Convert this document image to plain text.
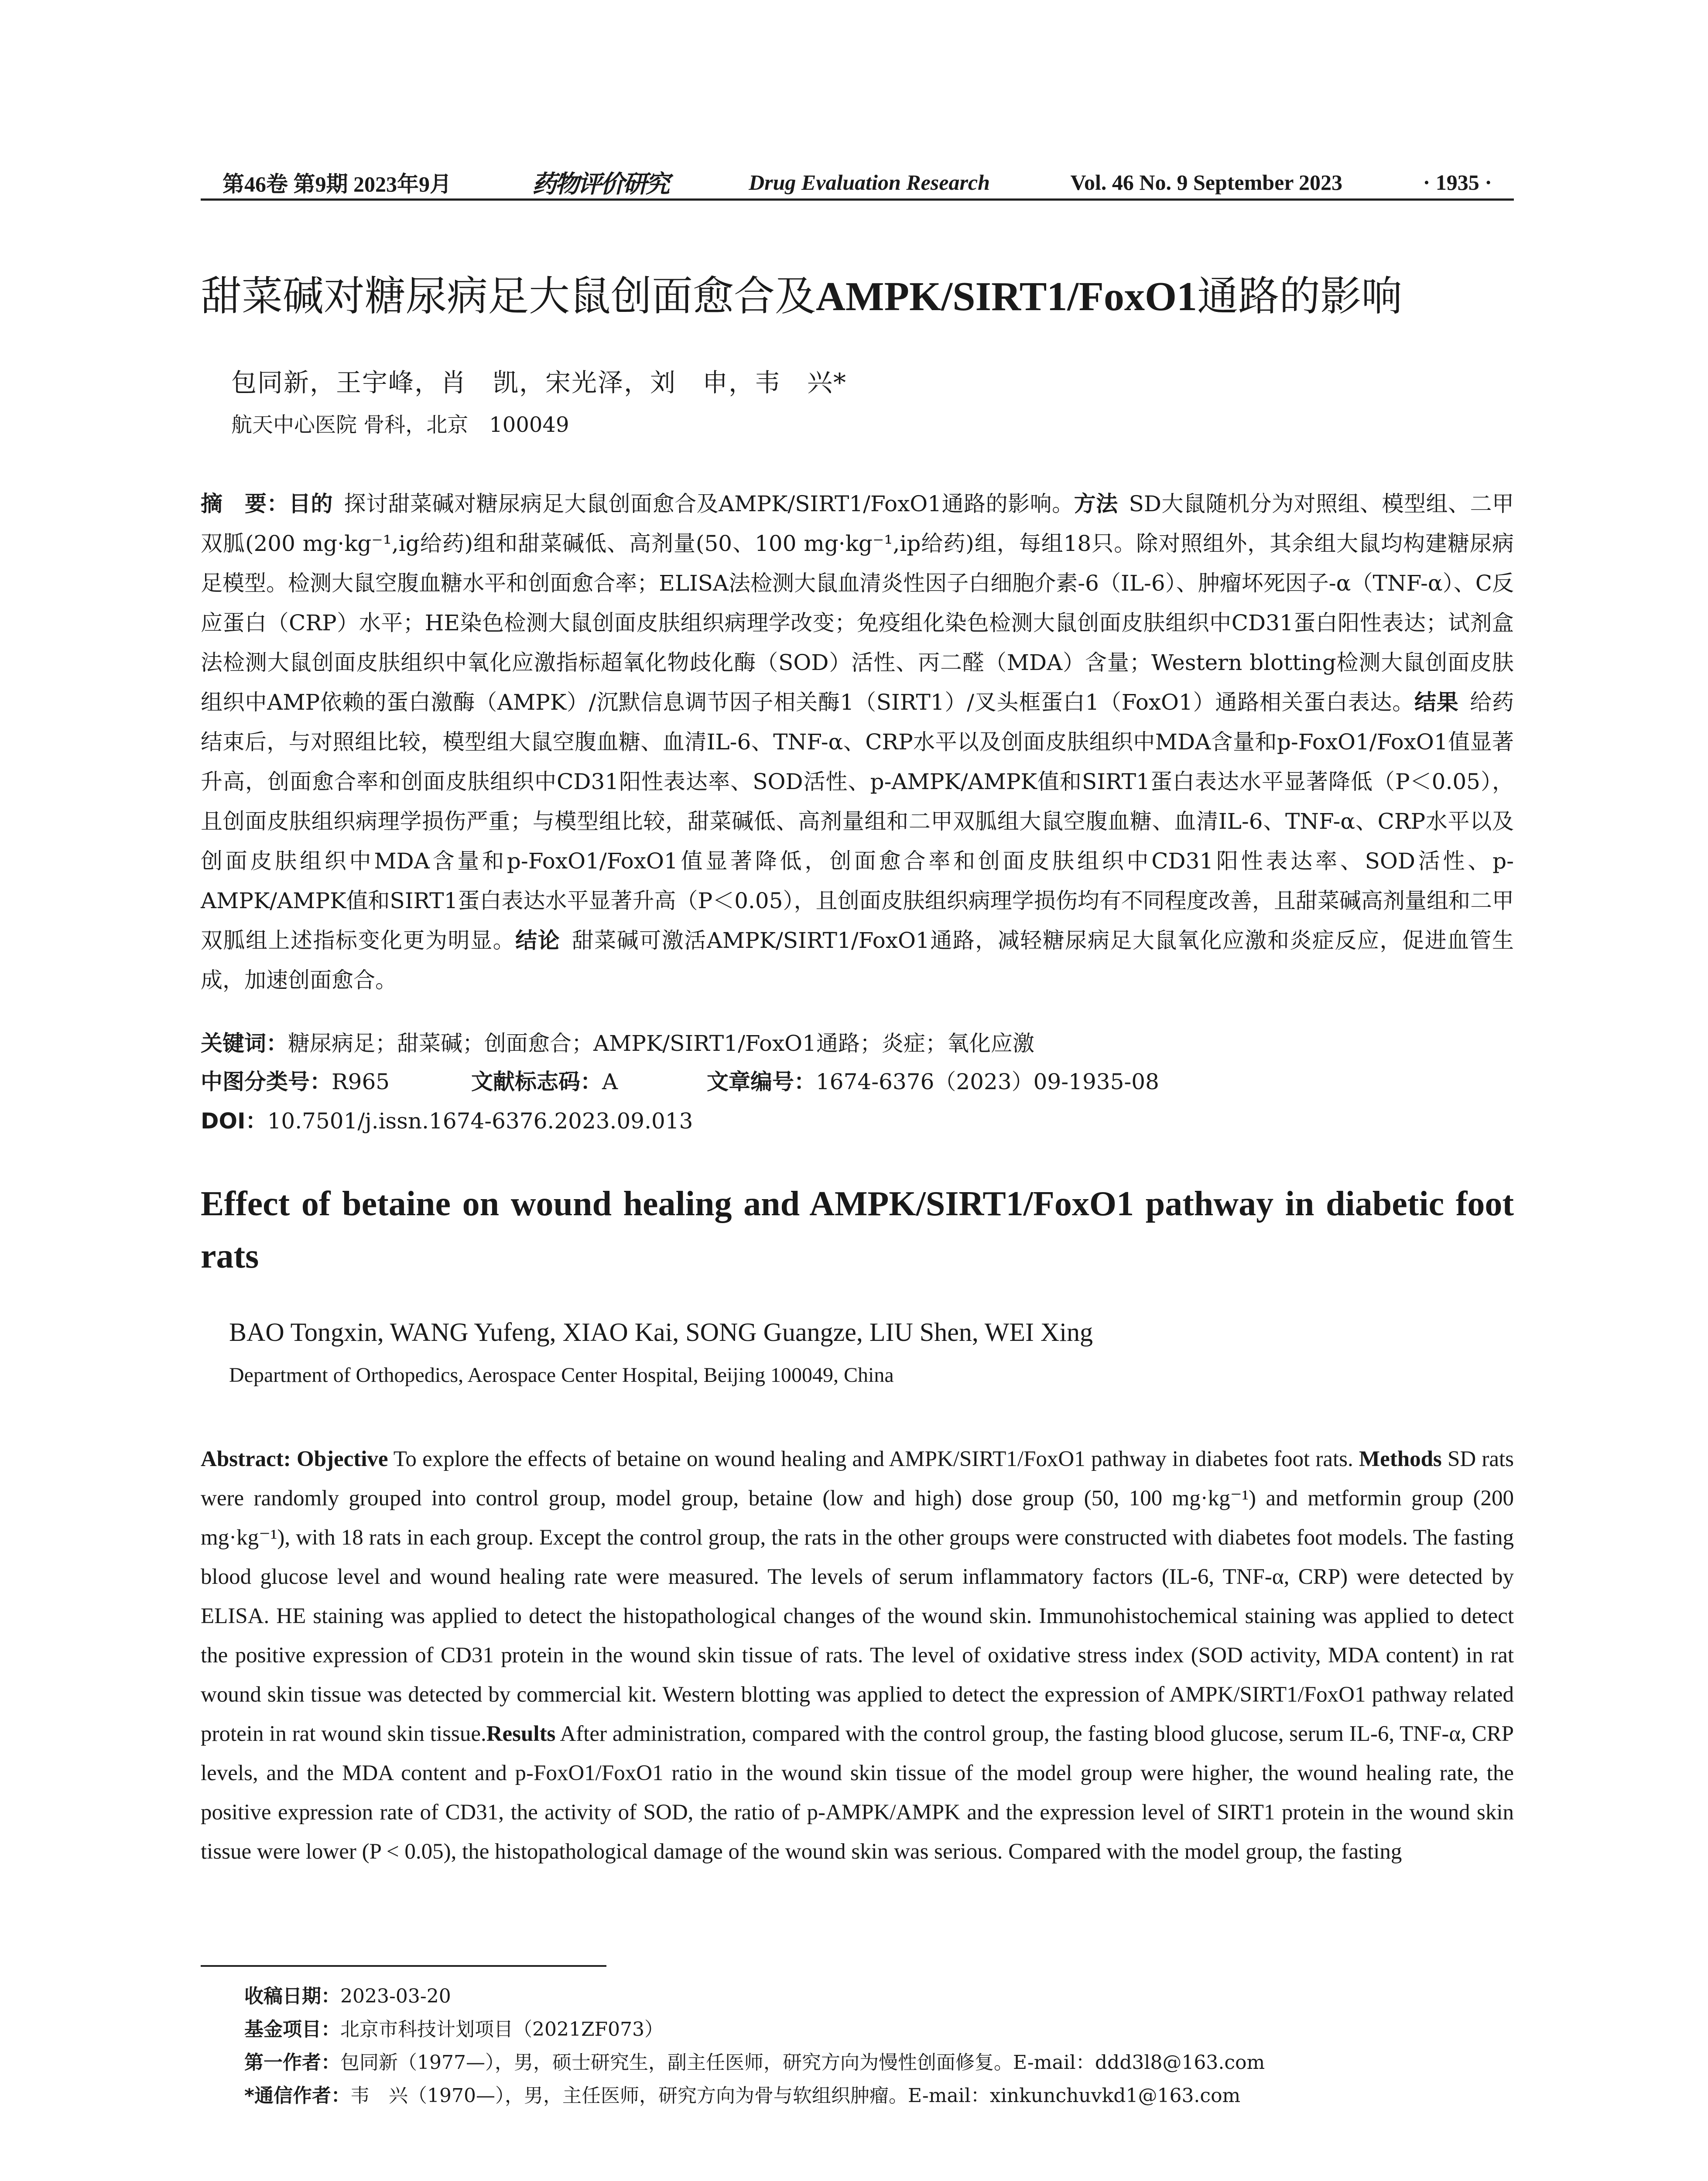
第46卷 第9期 2023年9月	药物评价研究	Drug Evaluation Research	Vol. 46 No. 9 September 2023	· 1935 ·
甜菜碱对糖尿病足大鼠创面愈合及AMPK/SIRT1/FoxO1通路的影响
包同新，王宇峰，肖　凯，宋光泽，刘　申，韦　兴*
航天中心医院 骨科，北京　100049
摘　要：目的  探讨甜菜碱对糖尿病足大鼠创面愈合及AMPK/SIRT1/FoxO1通路的影响。方法  SD大鼠随机分为对照组、模型组、二甲双胍(200 mg·kg⁻¹,ig给药)组和甜菜碱低、高剂量(50、100 mg·kg⁻¹,ip给药)组，每组18只。除对照组外，其余组大鼠均构建糖尿病足模型。检测大鼠空腹血糖水平和创面愈合率；ELISA法检测大鼠血清炎性因子白细胞介素-6（IL-6）、肿瘤坏死因子-α（TNF-α）、C反应蛋白（CRP）水平；HE染色检测大鼠创面皮肤组织病理学改变；免疫组化染色检测大鼠创面皮肤组织中CD31蛋白阳性表达；试剂盒法检测大鼠创面皮肤组织中氧化应激指标超氧化物歧化酶（SOD）活性、丙二醛（MDA）含量；Western blotting检测大鼠创面皮肤组织中AMP依赖的蛋白激酶（AMPK）/沉默信息调节因子相关酶1（SIRT1）/叉头框蛋白1（FoxO1）通路相关蛋白表达。结果  给药结束后，与对照组比较，模型组大鼠空腹血糖、血清IL-6、TNF-α、CRP水平以及创面皮肤组织中MDA含量和p-FoxO1/FoxO1值显著升高，创面愈合率和创面皮肤组织中CD31阳性表达率、SOD活性、p-AMPK/AMPK值和SIRT1蛋白表达水平显著降低（P＜0.05），且创面皮肤组织病理学损伤严重；与模型组比较，甜菜碱低、高剂量组和二甲双胍组大鼠空腹血糖、血清IL-6、TNF-α、CRP水平以及创面皮肤组织中MDA含量和p-FoxO1/FoxO1值显著降低，创面愈合率和创面皮肤组织中CD31阳性表达率、SOD活性、p-AMPK/AMPK值和SIRT1蛋白表达水平显著升高（P＜0.05），且创面皮肤组织病理学损伤均有不同程度改善，且甜菜碱高剂量组和二甲双胍组上述指标变化更为明显。结论  甜菜碱可激活AMPK/SIRT1/FoxO1通路，减轻糖尿病足大鼠氧化应激和炎症反应，促进血管生成，加速创面愈合。
关键词：糖尿病足；甜菜碱；创面愈合；AMPK/SIRT1/FoxO1通路；炎症；氧化应激
中图分类号：R965	文献标志码：A	文章编号：1674-6376（2023）09-1935-08
DOI：10.7501/j.issn.1674-6376.2023.09.013
Effect of betaine on wound healing and AMPK/SIRT1/FoxO1 pathway in diabetic foot rats
BAO Tongxin, WANG Yufeng, XIAO Kai, SONG Guangze, LIU Shen, WEI Xing
Department of Orthopedics, Aerospace Center Hospital, Beijing 100049, China
Abstract: Objective To explore the effects of betaine on wound healing and AMPK/SIRT1/FoxO1 pathway in diabetes foot rats. Methods SD rats were randomly grouped into control group, model group, betaine (low and high) dose group (50, 100 mg·kg⁻¹) and metformin group (200 mg·kg⁻¹), with 18 rats in each group. Except the control group, the rats in the other groups were constructed with diabetes foot models. The fasting blood glucose level and wound healing rate were measured. The levels of serum inflammatory factors (IL-6, TNF-α, CRP) were detected by ELISA. HE staining was applied to detect the histopathological changes of the wound skin. Immunohistochemical staining was applied to detect the positive expression of CD31 protein in the wound skin tissue of rats. The level of oxidative stress index (SOD activity, MDA content) in rat wound skin tissue was detected by commercial kit. Western blotting was applied to detect the expression of AMPK/SIRT1/FoxO1 pathway related protein in rat wound skin tissue.Results After administration, compared with the control group, the fasting blood glucose, serum IL-6, TNF-α, CRP levels, and the MDA content and p-FoxO1/FoxO1 ratio in the wound skin tissue of the model group were higher, the wound healing rate, the positive expression rate of CD31, the activity of SOD, the ratio of p-AMPK/AMPK and the expression level of SIRT1 protein in the wound skin tissue were lower (P < 0.05), the histopathological damage of the wound skin was serious. Compared with the model group, the fasting
收稿日期：2023-03-20
基金项目：北京市科技计划项目（2021ZF073）
第一作者：包同新（1977—），男，硕士研究生，副主任医师，研究方向为慢性创面修复。E-mail：ddd3l8@163.com
*通信作者：韦　兴（1970—），男，主任医师，研究方向为骨与软组织肿瘤。E-mail：xinkunchuvkd1@163.com
